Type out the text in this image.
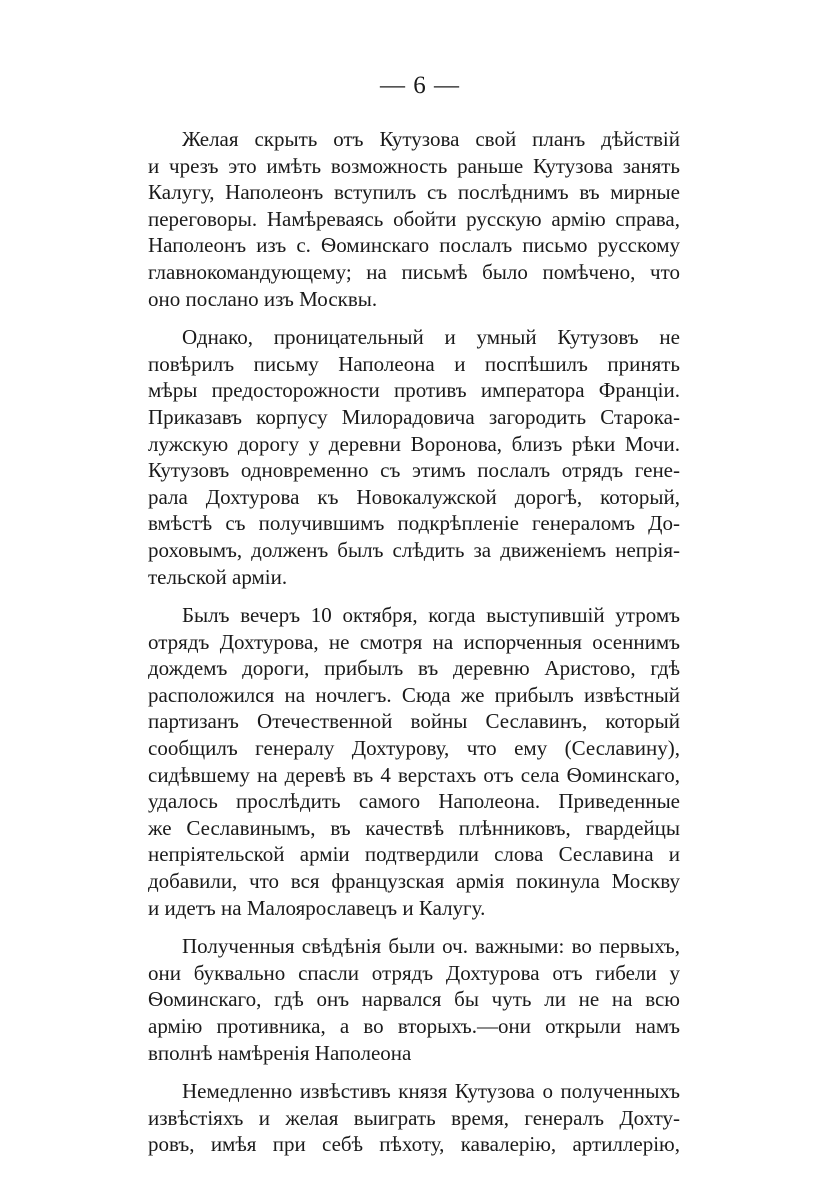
— 6 —
Желая скрыть отъ Кутузова свой планъ дѣйствій
и чрезъ это имѣть возможность раньше Кутузова занять
Калугу, Наполеонъ вступилъ съ послѣднимъ въ мирные
переговоры. Намѣреваясь обойти русскую армію справа,
Наполеонъ изъ с. Ѳоминскаго послалъ письмо русскому
главнокомандующему; на письмѣ было помѣчено, что
оно послано изъ Москвы.
Однако, проницательный и умный Кутузовъ не
повѣрилъ письму Наполеона и поспѣшилъ принять
мѣры предосторожности противъ императора Франціи.
Приказавъ корпусу Милорадовича загородить Старока-
лужскую дорогу у деревни Воронова, близъ рѣки Мочи.
Кутузовъ одновременно съ этимъ послалъ отрядъ гене-
рала Дохтурова къ Новокалужской дорогѣ, который,
вмѣстѣ съ получившимъ подкрѣпленіе генераломъ До-
роховымъ, долженъ былъ слѣдить за движеніемъ непрія-
тельской арміи.
Былъ вечеръ 10 октября, когда выступившій утромъ
отрядъ Дохтурова, не смотря на испорченныя осеннимъ
дождемъ дороги, прибылъ въ деревню Аристово, гдѣ
расположился на ночлегъ. Сюда же прибылъ извѣстный
партизанъ Отечественной войны Сеславинъ, который
сообщилъ генералу Дохтурову, что ему (Сеславину),
сидѣвшему на деревѣ въ 4 верстахъ отъ села Ѳоминскаго,
удалось прослѣдить самого Наполеона. Приведенные
же Сеславинымъ, въ качествѣ плѣнниковъ, гвардейцы
непріятельской арміи подтвердили слова Сеславина и
добавили, что вся французская армія покинула Москву
и идетъ на Малоярославецъ и Калугу.
Полученныя свѣдѣнія были оч. важными: во первыхъ,
они буквально спасли отрядъ Дохтурова отъ гибели у
Ѳоминскаго, гдѣ онъ нарвался бы чуть ли не на всю
армію противника, а во вторыхъ.—они открыли намъ
вполнѣ намѣренія Наполеона
Немедленно извѣстивъ князя Кутузова о полученныхъ
извѣстіяхъ и желая выиграть время, генералъ Дохту-
ровъ, имѣя при себѣ пѣхоту, кавалерію, артиллерію,
